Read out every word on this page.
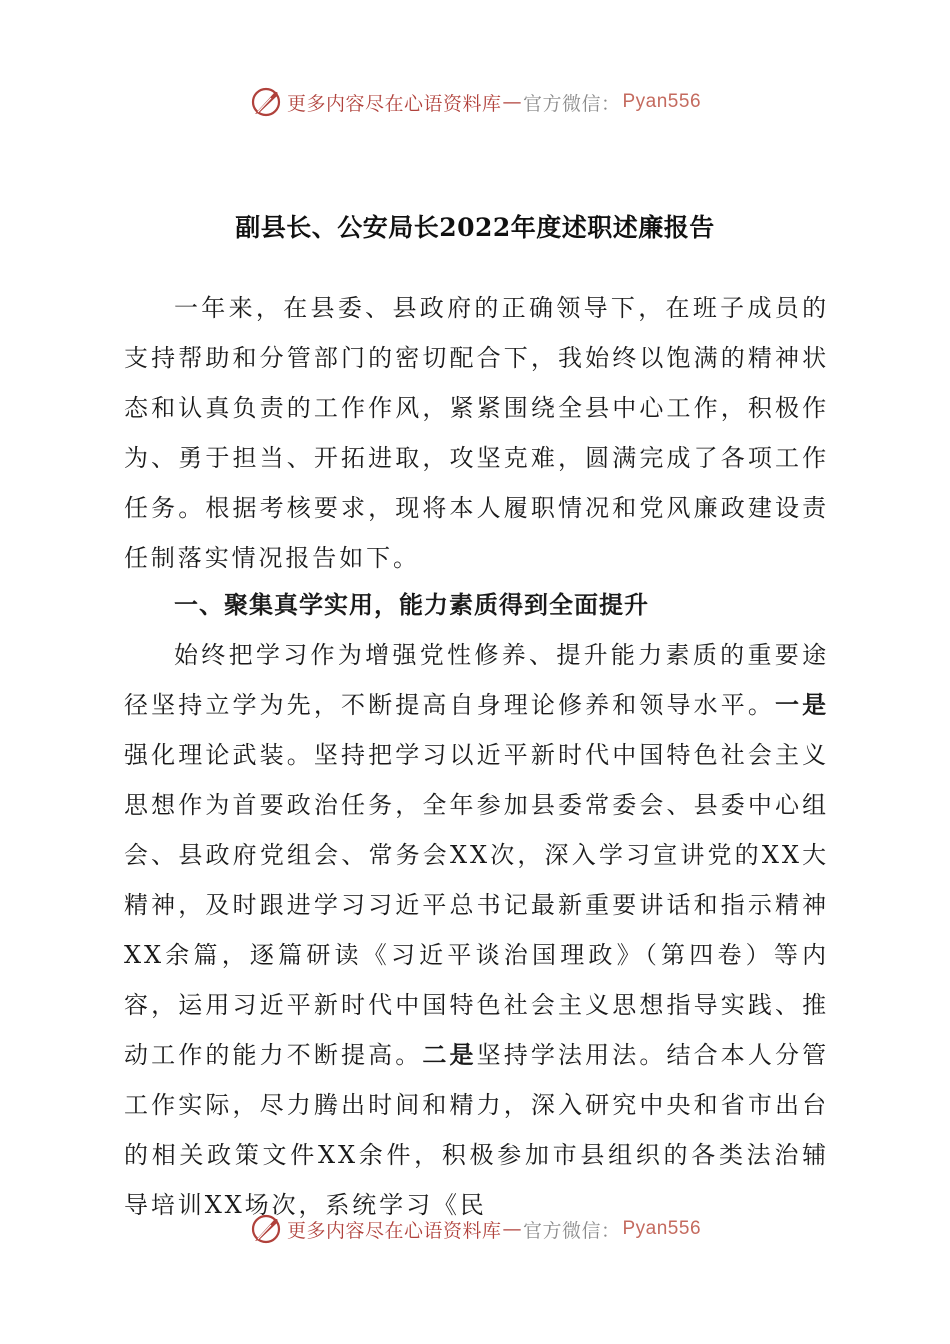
更多内容尽在心语资料库 — 官方微信： Pyan556
副县长、公安局长2022年度述职述廉报告

一年来，在县委、县政府的正确领导下，在班子成员的支持帮助和分管部门的密切配合下，我始终以饱满的精神状态和认真负责的工作作风，紧紧围绕全县中心工作，积极作为、勇于担当、开拓进取，攻坚克难，圆满完成了各项工作任务。根据考核要求，现将本人履职情况和党风廉政建设责任制落实情况报告如下。

一、聚集真学实用，能力素质得到全面提升

始终把学习作为增强党性修养、提升能力素质的重要途径坚持立学为先，不断提高自身理论修养和领导水平。一是强化理论武装。坚持把学习以近平新时代中国特色社会主义思想作为首要政治任务，全年参加县委常委会、县委中心组会、县政府党组会、常务会XX次，深入学习宣讲党的XX大精神，及时跟进学习习近平总书记最新重要讲话和指示精神XX余篇，逐篇研读《习近平谈治国理政》（第四卷）等内容，运用习近平新时代中国特色社会主义思想指导实践、推动工作的能力不断提高。二是坚持学法用法。结合本人分管工作实际，尽力腾出时间和精力，深入研究中央和省市出台的相关政策文件XX余件，积极参加市县组织的各类法治辅导培训XX场次，系统学习《民

更多内容尽在心语资料库 — 官方微信： Pyan556
